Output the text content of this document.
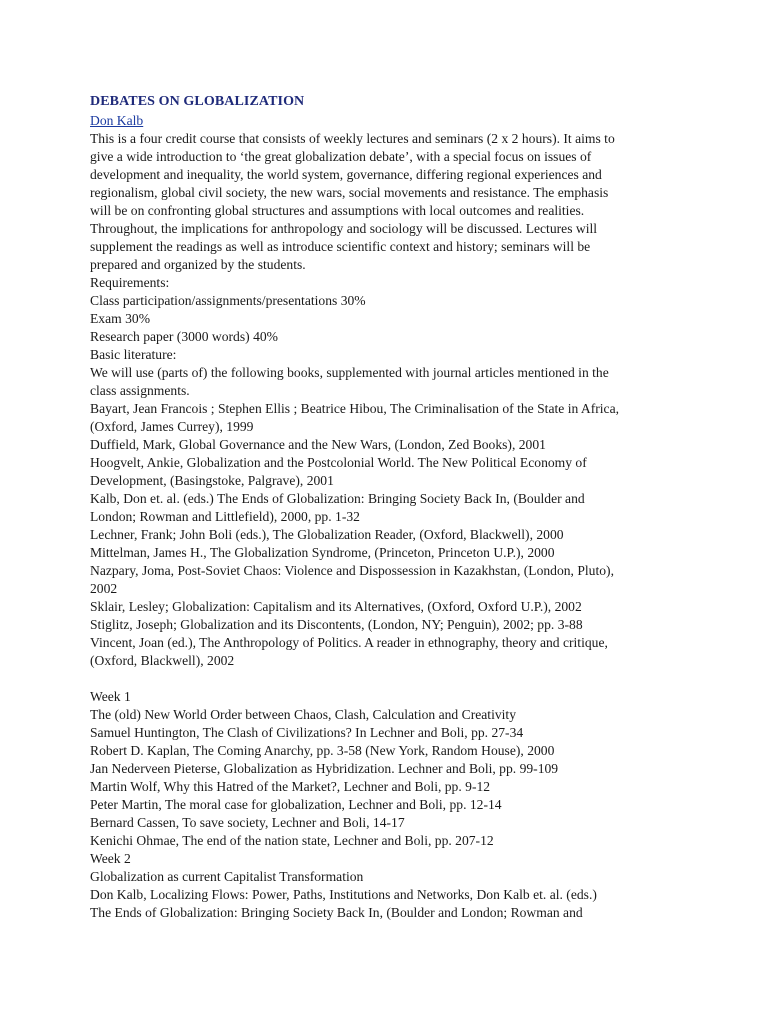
DEBATES ON GLOBALIZATION
Don Kalb

This is a four credit course that consists of weekly lectures and seminars (2 x 2 hours). It aims to
give a wide introduction to ‘the great globalization debate’, with a special focus on issues of
development and inequality, the world system, governance, differing regional experiences and
regionalism, global civil society, the new wars, social movements and resistance. The emphasis
will be on confronting global structures and assumptions with local outcomes and realities.
Throughout, the implications for anthropology and sociology will be discussed. Lectures will
supplement the readings as well as introduce scientific context and history; seminars will be
prepared and organized by the students.

Requirements:
Class participation/assignments/presentations 30%
Exam 30%
Research paper (3000 words) 40%
Basic literature:
We will use (parts of) the following books, supplemented with journal articles mentioned in the
class assignments.
Bayart, Jean Francois ; Stephen Ellis ; Beatrice Hibou, The Criminalisation of the State in Africa,
(Oxford, James Currey), 1999
Duffield, Mark, Global Governance and the New Wars, (London, Zed Books), 2001
Hoogvelt, Ankie, Globalization and the Postcolonial World. The New Political Economy of
Development, (Basingstoke, Palgrave), 2001
Kalb, Don et. al. (eds.) The Ends of Globalization: Bringing Society Back In, (Boulder and
London; Rowman and Littlefield), 2000, pp. 1-32
Lechner, Frank; John Boli (eds.), The Globalization Reader, (Oxford, Blackwell), 2000
Mittelman, James H., The Globalization Syndrome, (Princeton, Princeton U.P.), 2000
Nazpary, Joma, Post-Soviet Chaos: Violence and Dispossession in Kazakhstan, (London, Pluto),
2002
Sklair, Lesley; Globalization: Capitalism and its Alternatives, (Oxford, Oxford U.P.), 2002
Stiglitz, Joseph; Globalization and its Discontents, (London, NY; Penguin), 2002; pp. 3-88
Vincent, Joan (ed.), The Anthropology of Politics. A reader in ethnography, theory and critique,
(Oxford, Blackwell), 2002
Week 1
The (old) New World Order between Chaos, Clash, Calculation and Creativity
Samuel Huntington, The Clash of Civilizations? In Lechner and Boli, pp. 27-34
Robert D. Kaplan, The Coming Anarchy, pp. 3-58 (New York, Random House), 2000
Jan Nederveen Pieterse, Globalization as Hybridization. Lechner and Boli, pp. 99-109
Martin Wolf, Why this Hatred of the Market?, Lechner and Boli, pp. 9-12
Peter Martin, The moral case for globalization, Lechner and Boli, pp. 12-14
Bernard Cassen, To save society, Lechner and Boli, 14-17
Kenichi Ohmae, The end of the nation state, Lechner and Boli, pp. 207-12
Week 2
Globalization as current Capitalist Transformation
Don Kalb, Localizing Flows: Power, Paths, Institutions and Networks, Don Kalb et. al. (eds.)
The Ends of Globalization: Bringing Society Back In, (Boulder and London; Rowman and
